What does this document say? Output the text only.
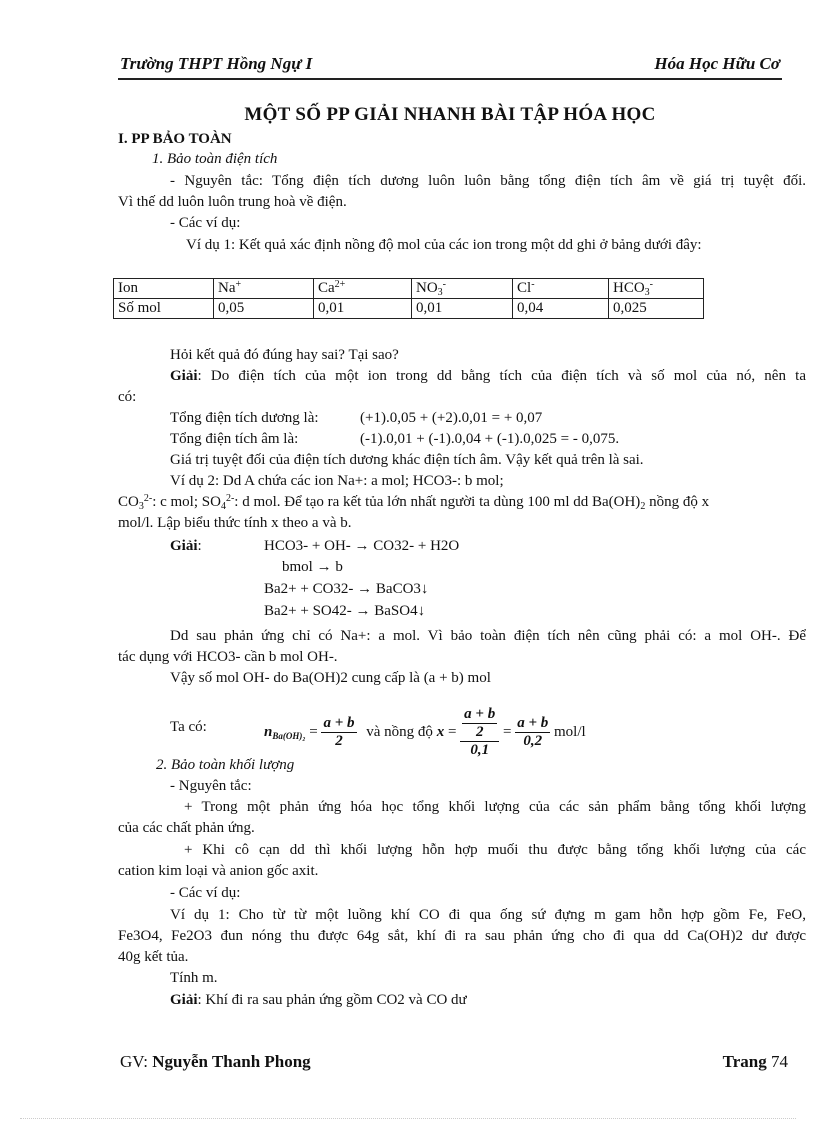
Trường THPT Hồng Ngự I	Hóa Học Hữu Cơ
MỘT SỐ PP GIẢI NHANH BÀI TẬP HÓA HỌC
I. PP BẢO TOÀN
1. Bảo toàn điện tích
- Nguyên tắc: Tổng điện tích dương luôn luôn bằng tổng điện tích âm về giá trị tuyệt đối.
Vì thế dd luôn luôn trung hoà về điện.
- Các ví dụ:
Ví dụ 1: Kết quả xác định nồng độ mol của các ion trong một dd ghi ở bảng dưới đây:
Ion	Na+	$Ca^{2+}$	$NO_3^-$	Cl-	$HCO_3^-$
Số mol	0,05	0,01	0,01	0,04	0,025
Hỏi kết quả đó đúng hay sai? Tại sao?
Giải: Do điện tích của một ion trong dd bằng tích của điện tích và số mol của nó, nên ta
có:
Tổng điện tích dương là:	(+1).0,05 + (+2).0,01 = + 0,07
Tổng điện tích âm là:	(-1).0,01 + (-1).0,04 + (-1).0,025 = - 0,075.
Giá trị tuyệt đối của điện tích dương khác điện tích âm. Vậy kết quả trên là sai.
Ví dụ 2: Dd A chứa các ion Na+: a mol; HCO3-: b mol;
$CO_3^{2-}$: c mol; $SO_4^{2-}$: d mol. Để tạo ra kết tủa lớn nhất người ta dùng 100 ml dd $Ba(OH)_2$ nồng độ x
mol/l. Lập biểu thức tính x theo a và b.
Giải:	HCO3- + OH- → CO32- + H2O
bmol → b
Ba2+ + CO32- → BaCO3↓
Ba2+ + SO42- → BaSO4↓
Dd sau phản ứng chỉ có Na+: a mol. Vì bảo toàn điện tích nên cũng phải có: a mol OH-. Để
tác dụng với HCO3- cần b mol OH-.
Vậy số mol OH- do Ba(OH)2 cung cấp là (a + b) mol
Ta có:	$n_{Ba(OH)_2} = \frac{a + b}{2}$ và nồng độ $x = \frac{\frac{a + b}{2}}{0,1} = \frac{a + b}{0,2} mol/l$
2. Bảo toàn khối lượng
- Nguyên tắc:
+ Trong một phản ứng hóa học tổng khối lượng của các sản phẩm bằng tổng khối lượng
của các chất phản ứng.
+ Khi cô cạn dd thì khối lượng hỗn hợp muối thu được bằng tổng khối lượng của các
cation kim loại và anion gốc axit.
- Các ví dụ:
Ví dụ 1: Cho từ từ một luồng khí CO đi qua ống sứ đựng m gam hỗn hợp gồm Fe, FeO,
Fe3O4, Fe2O3 đun nóng thu được 64g sắt, khí đi ra sau phản ứng cho đi qua dd Ca(OH)2 dư được
40g kết tủa.
Tính m.
Giải: Khí đi ra sau phản ứng gồm CO2 và CO dư
GV: Nguyễn Thanh Phong	Trang 74
